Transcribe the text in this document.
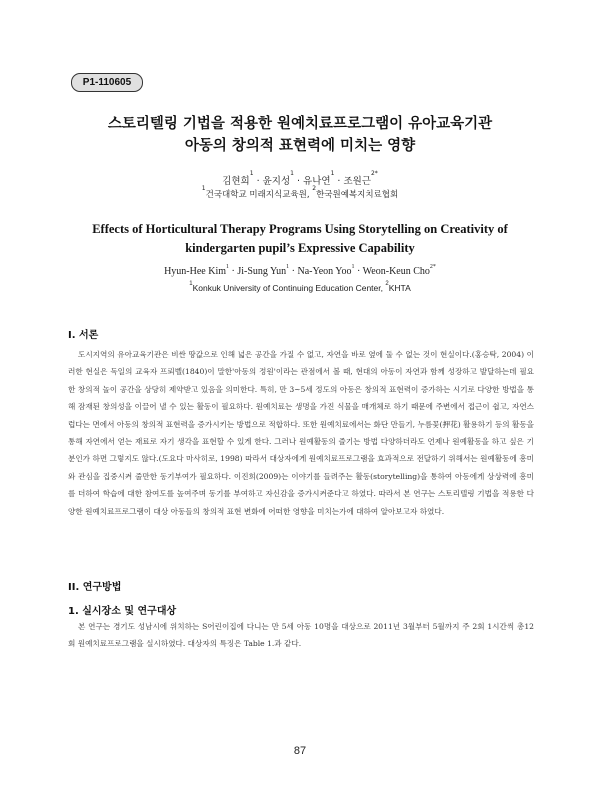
P1-110605
스토리텔링 기법을 적용한 원예치료프로그램이 유아교육기관
아동의 창의적 표현력에 미치는 영향
김현희$^1$ · 윤지성$^1$ · 유나연$^1$ · 조원근$^{2*}$
$^1$건국대학교 미래지식교육원, $^2$한국원예복지치료협회
Effects of Horticultural Therapy Programs Using Storytelling on Creativity of
kindergarten pupil’s Expressive Capability
Hyun-Hee Kim$^1$ · Ji-Sung Yun$^1$ · Na-Yeon Yoo$^1$ · Weon-Keun Cho$^{2*}$
$^1$Konkuk University of Continuing Education Center, $^2$KHTA
I. 서론

도시지역의 유아교육기관은 비싼 땅값으로 인해 넓은 공간을 가질 수 없고, 자연을 바로 옆에 둘 수 없는 것이 현실이다.(홍승탁, 2004) 이러한 현실은 독일의 교육자 프뢰벨(1840)이 말한'아동의 정원'이라는 관점에서 볼 때, 현대의 아동이 자연과 함께 성장하고 발달하는데 필요한 창의적 놀이 공간을 상당히 제약받고 있음을 의미한다. 특히, 만 3~5세 정도의 아동은 창의적 표현력이 증가하는 시기로 다양한 방법을 통해 잠재된 창의성을 이끌어 낼 수 있는 활동이 필요하다. 원예치료는 생명을 가진 식물을 매개체로 하기 때문에 주변에서 접근이 쉽고, 자연스럽다는 면에서 아동의 창의적 표현력을 증가시키는 방법으로 적합하다. 또한 원예치료에서는 화단 만들기, 누름꽃(押花) 활용하기 등의 활동을 통해 자연에서 얻는 재료로 자기 생각을 표현할 수 있게 한다. 그러나 원예활동의 즐기는 방법 다양하더라도 언제나 원예활동을 하고 싶은 기분인가 하면 그렇지도 않다.(도요다 마사히로, 1998) 따라서 대상자에게 원예치료프로그램을 효과적으로 전달하기 위해서는 원예활동에 흥미와 관심을 집중시켜 줄만한 동기부여가 필요하다. 이진희(2009)는 이야기를 들려주는 활동(storytelling)을 통하여 아동에게 상상력에 흥미를 더하여 학습에 대한 참여도를 높여주며 동기를 부여하고 자신감을 증가시켜준다고 하였다. 따라서 본 연구는 스토리텔링 기법을 적용한 다양한 원예치료프로그램이 대상 아동들의 창의적 표현 변화에 어떠한 영향을 미치는가에 대하여 알아보고자 하였다.

II. 연구방법
1. 실시장소 및 연구대상

본 연구는 경기도 성남시에 위치하는 S어린이집에 다니는 만 5세 아동 10명을 대상으로 2011년 3월부터 5월까지 주 2회 1시간씩 총12회 원예치료프로그램을 실시하였다. 대상자의 특징은 Table 1.과 같다.

87
